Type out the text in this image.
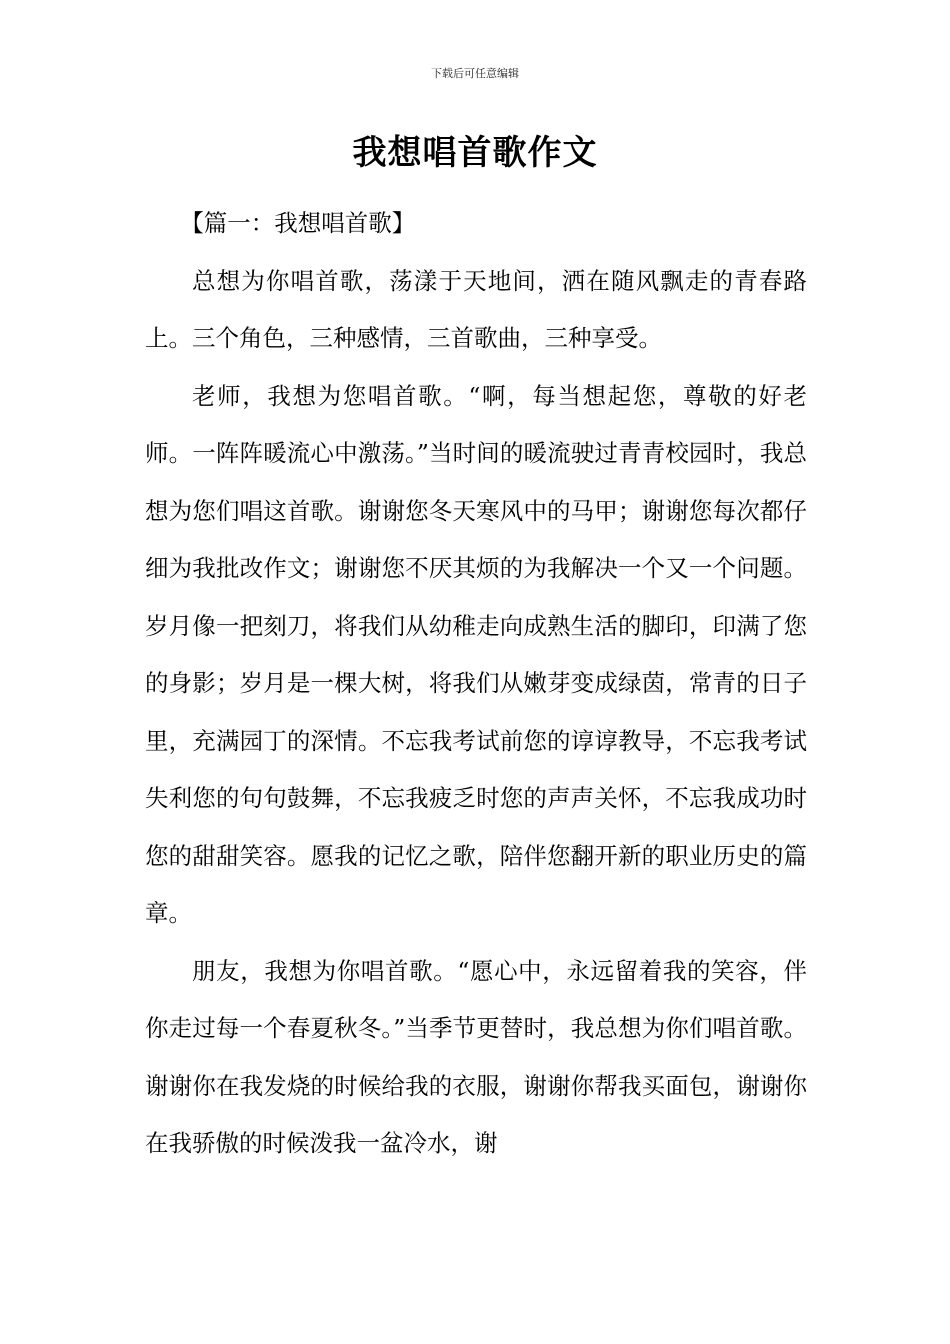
下载后可任意编辑
我想唱首歌作文

【篇一：我想唱首歌】

总想为你唱首歌，荡漾于天地间，洒在随风飘走的青春路上。三个角色，三种感情，三首歌曲，三种享受。

老师，我想为您唱首歌。“啊，每当想起您，尊敬的好老师。一阵阵暖流心中激荡。”当时间的暖流驶过青青校园时，我总想为您们唱这首歌。谢谢您冬天寒风中的马甲；谢谢您每次都仔细为我批改作文；谢谢您不厌其烦的为我解决一个又一个问题。岁月像一把刻刀，将我们从幼稚走向成熟生活的脚印，印满了您的身影；岁月是一棵大树，将我们从嫩芽变成绿茵，常青的日子里，充满园丁的深情。不忘我考试前您的谆谆教导，不忘我考试失利您的句句鼓舞，不忘我疲乏时您的声声关怀，不忘我成功时您的甜甜笑容。愿我的记忆之歌，陪伴您翻开新的职业历史的篇章。

朋友，我想为你唱首歌。“愿心中，永远留着我的笑容，伴你走过每一个春夏秋冬。”当季节更替时，我总想为你们唱首歌。谢谢你在我发烧的时候给我的衣服，谢谢你帮我买面包，谢谢你在我骄傲的时候泼我一盆冷水，谢
